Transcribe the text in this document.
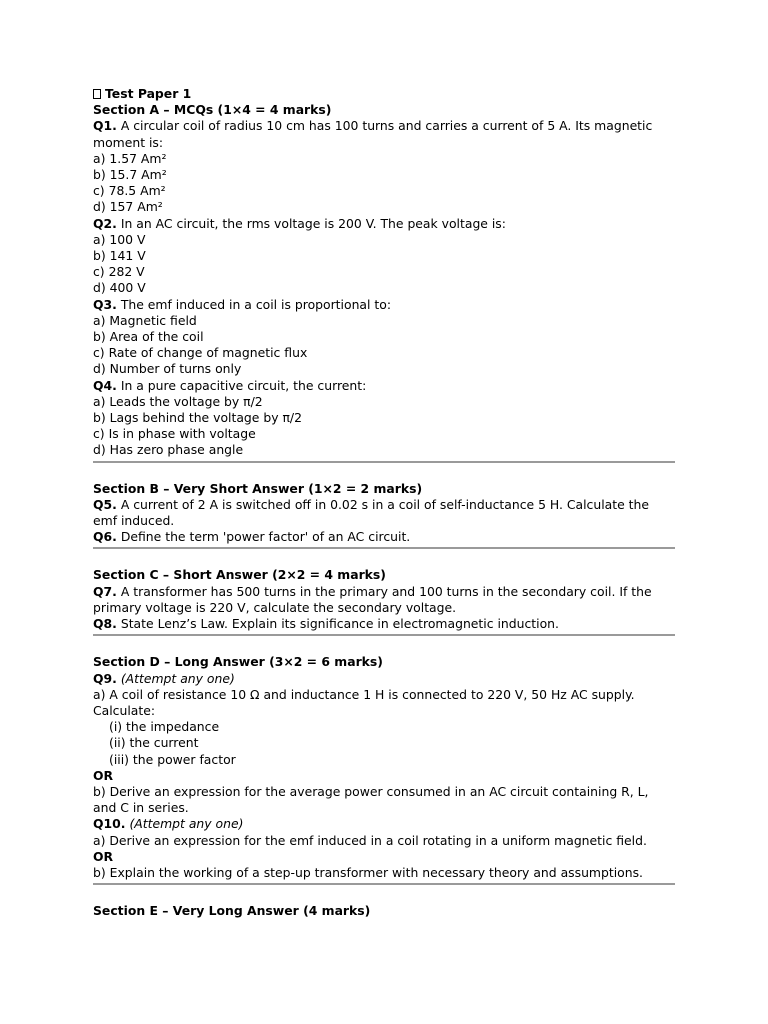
Test Paper 1
Section A – MCQs (1×4 = 4 marks)
Q1. A circular coil of radius 10 cm has 100 turns and carries a current of 5 A. Its magnetic moment is:
a) 1.57 Am²
b) 15.7 Am²
c) 78.5 Am²
d) 157 Am²
Q2. In an AC circuit, the rms voltage is 200 V. The peak voltage is:
a) 100 V
b) 141 V
c) 282 V
d) 400 V
Q3. The emf induced in a coil is proportional to:
a) Magnetic field
b) Area of the coil
c) Rate of change of magnetic flux
d) Number of turns only
Q4. In a pure capacitive circuit, the current:
a) Leads the voltage by π/2
b) Lags behind the voltage by π/2
c) Is in phase with voltage
d) Has zero phase angle
Section B – Very Short Answer (1×2 = 2 marks)
Q5. A current of 2 A is switched off in 0.02 s in a coil of self-inductance 5 H. Calculate the emf induced.
Q6. Define the term 'power factor' of an AC circuit.
Section C – Short Answer (2×2 = 4 marks)
Q7. A transformer has 500 turns in the primary and 100 turns in the secondary coil. If the primary voltage is 220 V, calculate the secondary voltage.
Q8. State Lenz’s Law. Explain its significance in electromagnetic induction.
Section D – Long Answer (3×2 = 6 marks)
Q9. (Attempt any one)
a) A coil of resistance 10 Ω and inductance 1 H is connected to 220 V, 50 Hz AC supply. Calculate:
(i) the impedance
(ii) the current
(iii) the power factor
OR
b) Derive an expression for the average power consumed in an AC circuit containing R, L, and C in series.
Q10. (Attempt any one)
a) Derive an expression for the emf induced in a coil rotating in a uniform magnetic field.
OR
b) Explain the working of a step-up transformer with necessary theory and assumptions.
Section E – Very Long Answer (4 marks)
